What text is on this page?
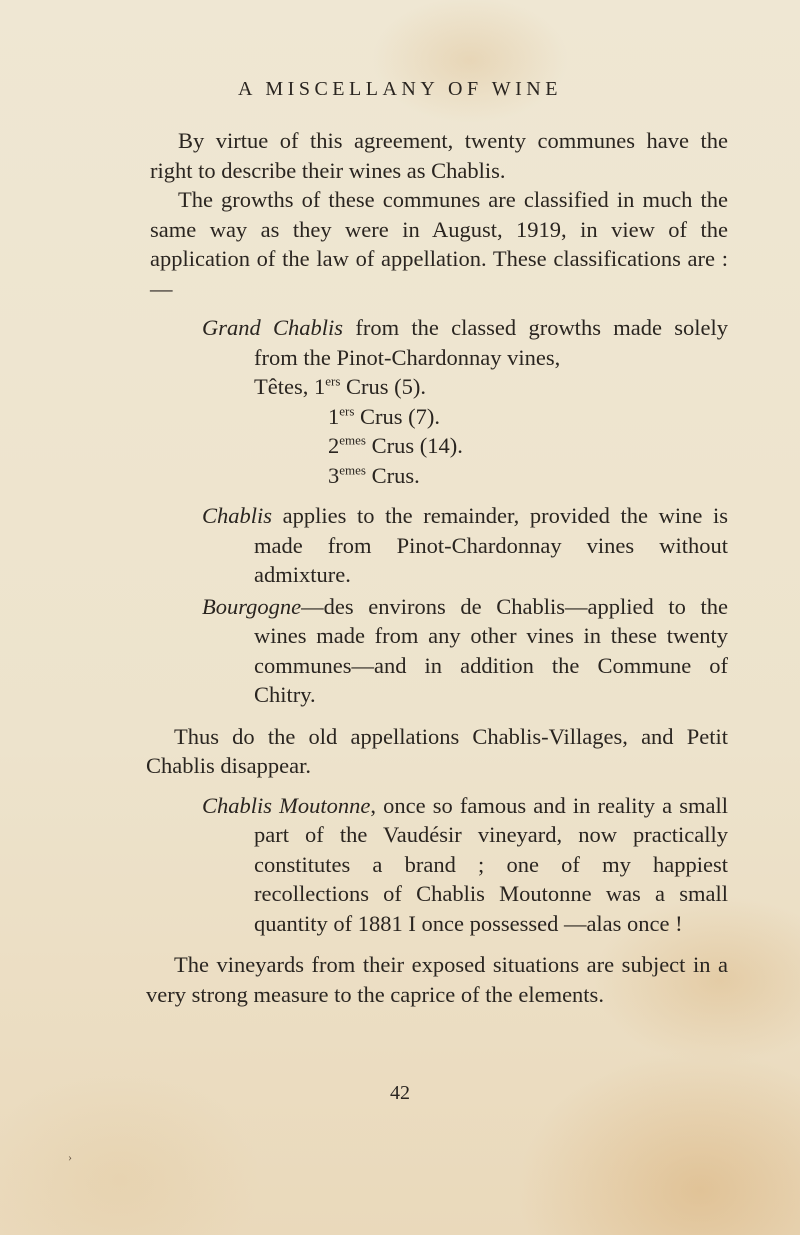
A MISCELLANY OF WINE

By virtue of this agreement, twenty communes have the right to describe their wines as Chablis.

The growths of these communes are classified in much the same way as they were in August, 1919, in view of the application of the law of appellation. These classifications are :—

Grand Chablis from the classed growths made solely from the Pinot-Chardonnay vines,

Têtes, 1ers Crus (5).

1ers Crus (7).

2emes Crus (14).

3emes Crus.

Chablis applies to the remainder, provided the wine is made from Pinot-Chardonnay vines without admixture.

Bourgogne—des environs de Chablis—applied to the wines made from any other vines in these twenty communes—and in addition the Commune of Chitry.

Thus do the old appellations Chablis-Villages, and Petit Chablis disappear.

Chablis Moutonne, once so famous and in reality a small part of the Vaudésir vineyard, now practically constitutes a brand ; one of my happiest recollections of Chablis Moutonne was a small quantity of 1881 I once possessed —alas once !

The vineyards from their exposed situations are subject in a very strong measure to the caprice of the elements.

42
›
